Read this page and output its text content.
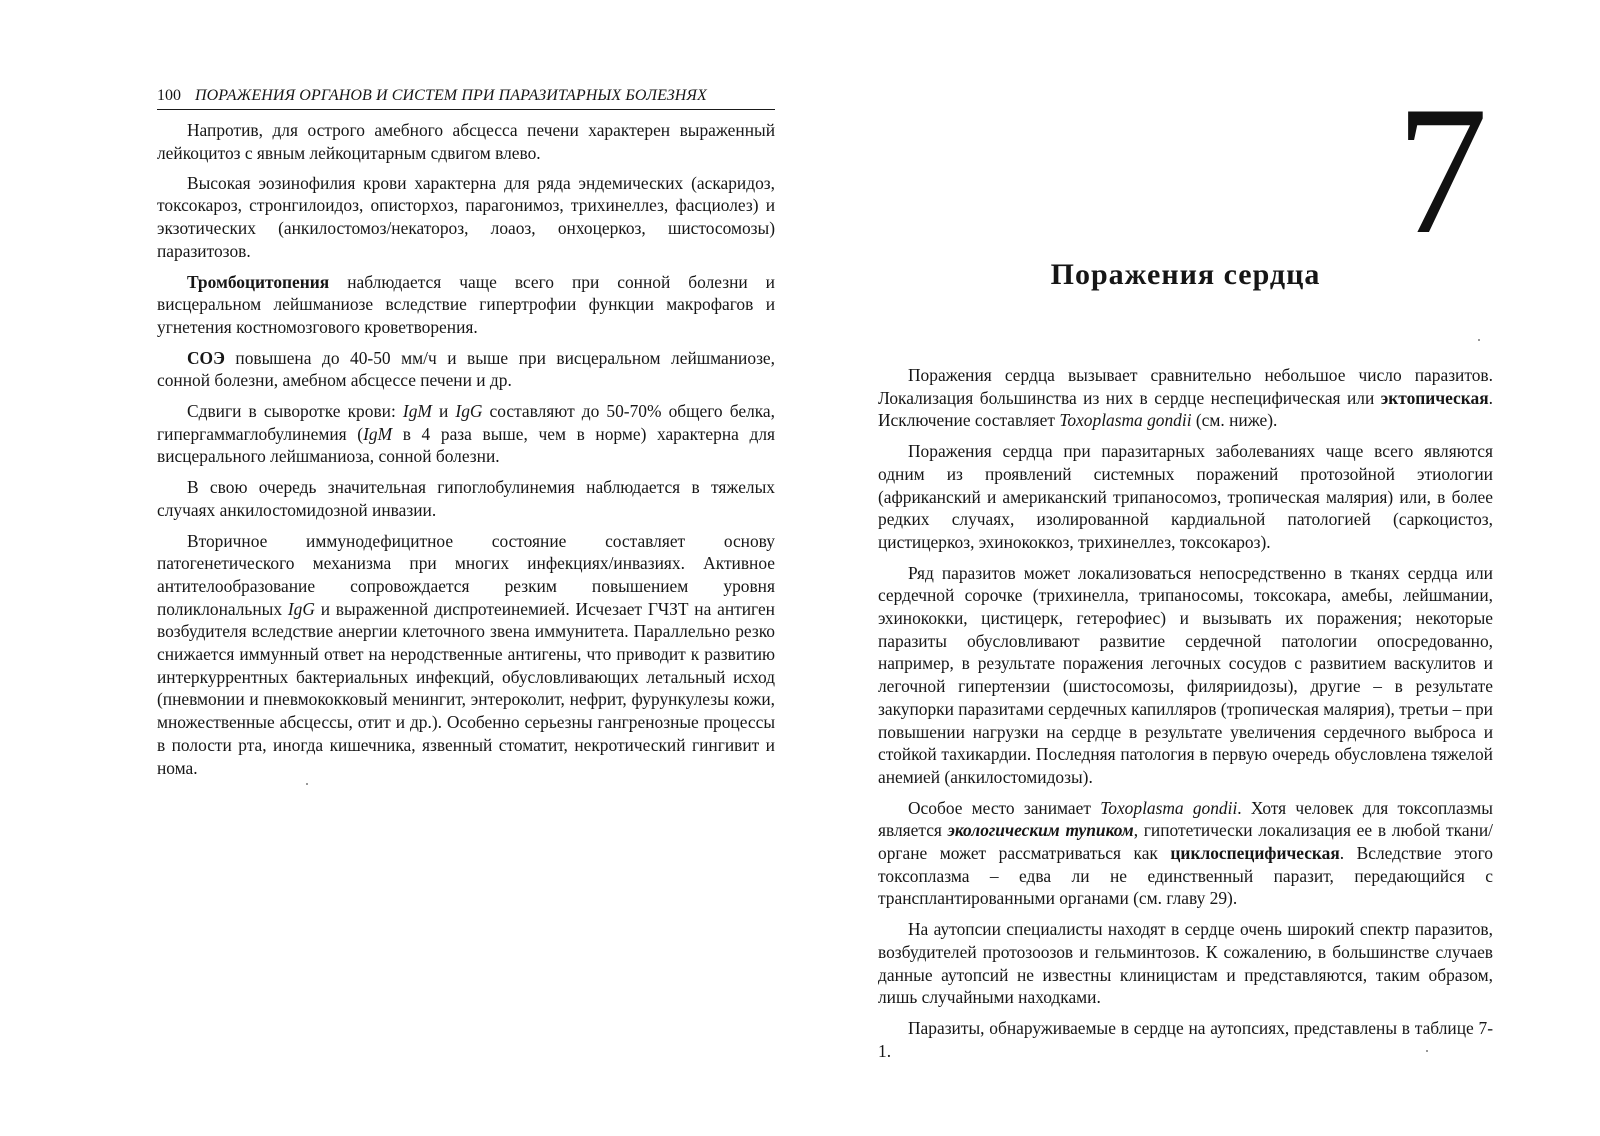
100 ПОРАЖЕНИЯ ОРГАНОВ И СИСТЕМ ПРИ ПАРАЗИТАРНЫХ БОЛЕЗНЯХ

Напротив, для острого амебного абсцесса печени характерен выраженный лейкоцитоз с явным лейкоцитарным сдвигом влево.

Высокая эозинофилия крови характерна для ряда эндемических (аскаридоз, токсокароз, стронгилоидоз, описторхоз, парагонимоз, трихинеллез, фасциолез) и экзотических (анкилостомоз/некатороз, лоаоз, онхоцеркоз, шистосомозы) паразитозов.

Тромбоцитопения наблюдается чаще всего при сонной болезни и висцеральном лейшманиозе вследствие гипертрофии функции макрофагов и угнетения костномозгового кроветворения.

СОЭ повышена до 40-50 мм/ч и выше при висцеральном лейшманиозе, сонной болезни, амебном абсцессе печени и др.

Сдвиги в сыворотке крови: IgM и IgG составляют до 50-70% общего белка, гипергаммаглобулинемия (IgM в 4 раза выше, чем в норме) характерна для висцерального лейшманиоза, сонной болезни.

В свою очередь значительная гипоглобулинемия наблюдается в тяжелых случаях анкилостомидозной инвазии.

Вторичное иммунодефицитное состояние составляет основу патогенетического механизма при многих инфекциях/инвазиях. Активное антителообразование сопровождается резким повышением уровня поликлональных IgG и выраженной диспротеинемией. Исчезает ГЧЗТ на антиген возбудителя вследствие анергии клеточного звена иммунитета. Параллельно резко снижается иммунный ответ на неродственные антигены, что приводит к развитию интеркуррентных бактериальных инфекций, обусловливающих летальный исход (пневмонии и пневмококковый менингит, энтероколит, нефрит, фурункулезы кожи, множественные абсцессы, отит и др.). Особенно серьезны гангренозные процессы в полости рта, иногда кишечника, язвенный стоматит, некротический гингивит и нома.

7
Поражения сердца

Поражения сердца вызывает сравнительно небольшое число паразитов. Локализация большинства из них в сердце неспецифическая или эктопическая. Исключение составляет Toxoplasma gondii (см. ниже).

Поражения сердца при паразитарных заболеваниях чаще всего являются одним из проявлений системных поражений протозойной этиологии (африканский и американский трипаносомоз, тропическая малярия) или, в более редких случаях, изолированной кардиальной патологией (саркоцистоз, цистицеркоз, эхинококкоз, трихинеллез, токсокароз).

Ряд паразитов может локализоваться непосредственно в тканях сердца или сердечной сорочке (трихинелла, трипаносомы, токсокара, амебы, лейшмании, эхинококки, цистицерк, гетерофиес) и вызывать их поражения; некоторые паразиты обусловливают развитие сердечной патологии опосредованно, например, в результате поражения легочных сосудов с развитием васкулитов и легочной гипертензии (шистосомозы, филяриидозы), другие – в результате закупорки паразитами сердечных капилляров (тропическая малярия), третьи – при повышении нагрузки на сердце в результате увеличения сердечного выброса и стойкой тахикардии. Последняя патология в первую очередь обусловлена тяжелой анемией (анкилостомидозы).

Особое место занимает Toxoplasma gondii. Хотя человек для токсоплазмы является экологическим тупиком, гипотетически локализация ее в любой ткани/органе может рассматриваться как циклоспецифическая. Вследствие этого токсоплазма – едва ли не единственный паразит, передающийся с трансплантированными органами (см. главу 29).

На аутопсии специалисты находят в сердце очень широкий спектр паразитов, возбудителей протозоозов и гельминтозов. К сожалению, в большинстве случаев данные аутопсий не известны клиницистам и представляются, таким образом, лишь случайными находками.

Паразиты, обнаруживаемые в сердце на аутопсиях, представлены в таблице 7-1.
